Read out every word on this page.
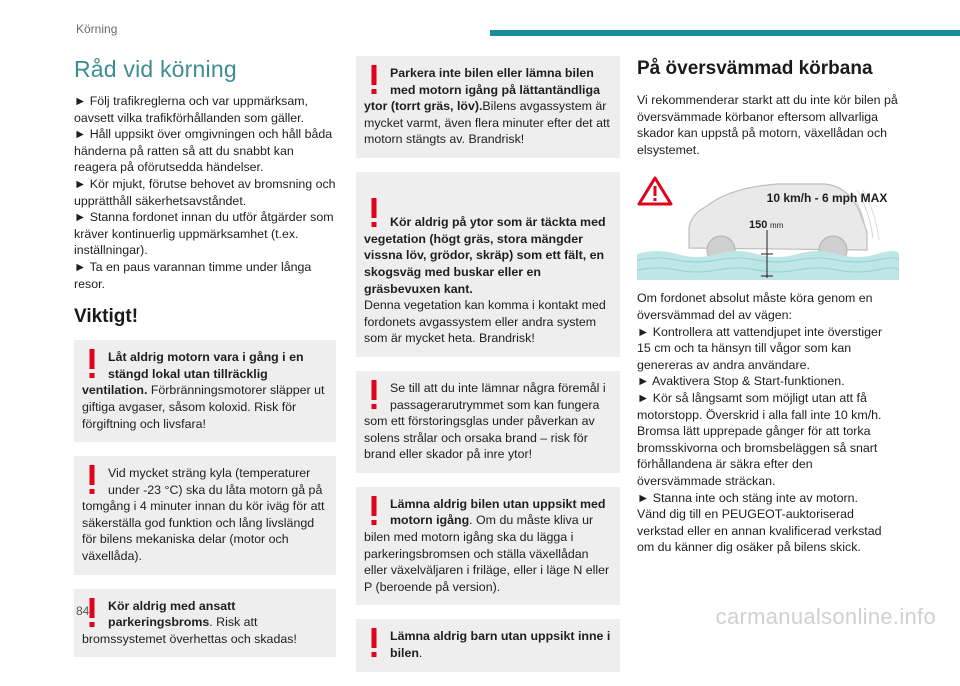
Körning
Råd vid körning

► Följ trafikreglerna och var uppmärksam, oavsett vilka trafikförhållanden som gäller.
► Håll uppsikt över omgivningen och håll båda händerna på ratten så att du snabbt kan reagera på oförutsedda händelser.
► Kör mjukt, förutse behovet av bromsning och upprätthåll säkerhetsavståndet.
► Stanna fordonet innan du utför åtgärder som kräver kontinuerlig uppmärksamhet (t.ex. inställningar).
► Ta en paus varannan timme under långa resor.

Viktigt!
Låt aldrig motorn vara i gång i en stängd lokal utan tillräcklig ventilation. Förbränningsmotorer släpper ut giftiga avgaser, såsom koloxid. Risk för förgiftning och livsfara!
Vid mycket sträng kyla (temperaturer under -23 °C) ska du låta motorn gå på tomgång i 4 minuter innan du kör iväg för att säkerställa god funktion och lång livslängd för bilens mekaniska delar (motor och växellåda).
Kör aldrig med ansatt parkeringsbroms. Risk att bromssystemet överhettas och skadas!
Parkera inte bilen eller lämna bilen med motorn igång på lättantändliga ytor (torrt gräs, löv).Bilens avgassystem är mycket varmt, även flera minuter efter det att motorn stängts av. Brandrisk!

Kör aldrig på ytor som är täckta med vegetation (högt gräs, stora mängder vissna löv, grödor, skräp) som ett fält, en skogsväg med buskar eller en gräsbevuxen kant.
Denna vegetation kan komma i kontakt med fordonets avgassystem eller andra system som är mycket heta. Brandrisk!

Se till att du inte lämnar några föremål i passagerarutrymmet som kan fungera som ett förstoringsglas under påverkan av solens strålar och orsaka brand – risk för brand eller skador på inre ytor!
Lämna aldrig bilen utan uppsikt med motorn igång. Om du måste kliva ur bilen med motorn igång ska du lägga i parkeringsbromsen och ställa växellådan eller växelväljaren i friläge, eller i läge N eller P (beroende på version).
Lämna aldrig barn utan uppsikt inne i bilen.
På översvämmad körbana

Vi rekommenderar starkt att du inte kör bilen på översvämmade körbanor eftersom allvarliga skador kan uppstå på motorn, växellådan och elsystemet.

10 km/h - 6 mph MAX
150 mm

Om fordonet absolut måste köra genom en översvämmad del av vägen:
► Kontrollera att vattendjupet inte överstiger 15 cm och ta hänsyn till vågor som kan genereras av andra användare.
► Avaktivera Stop & Start-funktionen.
► Kör så långsamt som möjligt utan att få motorstopp. Överskrid i alla fall inte 10 km/h.
Bromsa lätt upprepade gånger för att torka bromsskivorna och bromsbeläggen så snart förhållandena är säkra efter den översvämmade sträckan.
► Stanna inte och stäng inte av motorn.
Vänd dig till en PEUGEOT-auktoriserad verkstad eller en annan kvalificerad verkstad om du känner dig osäker på bilens skick.

84	carmanualsonline.info
